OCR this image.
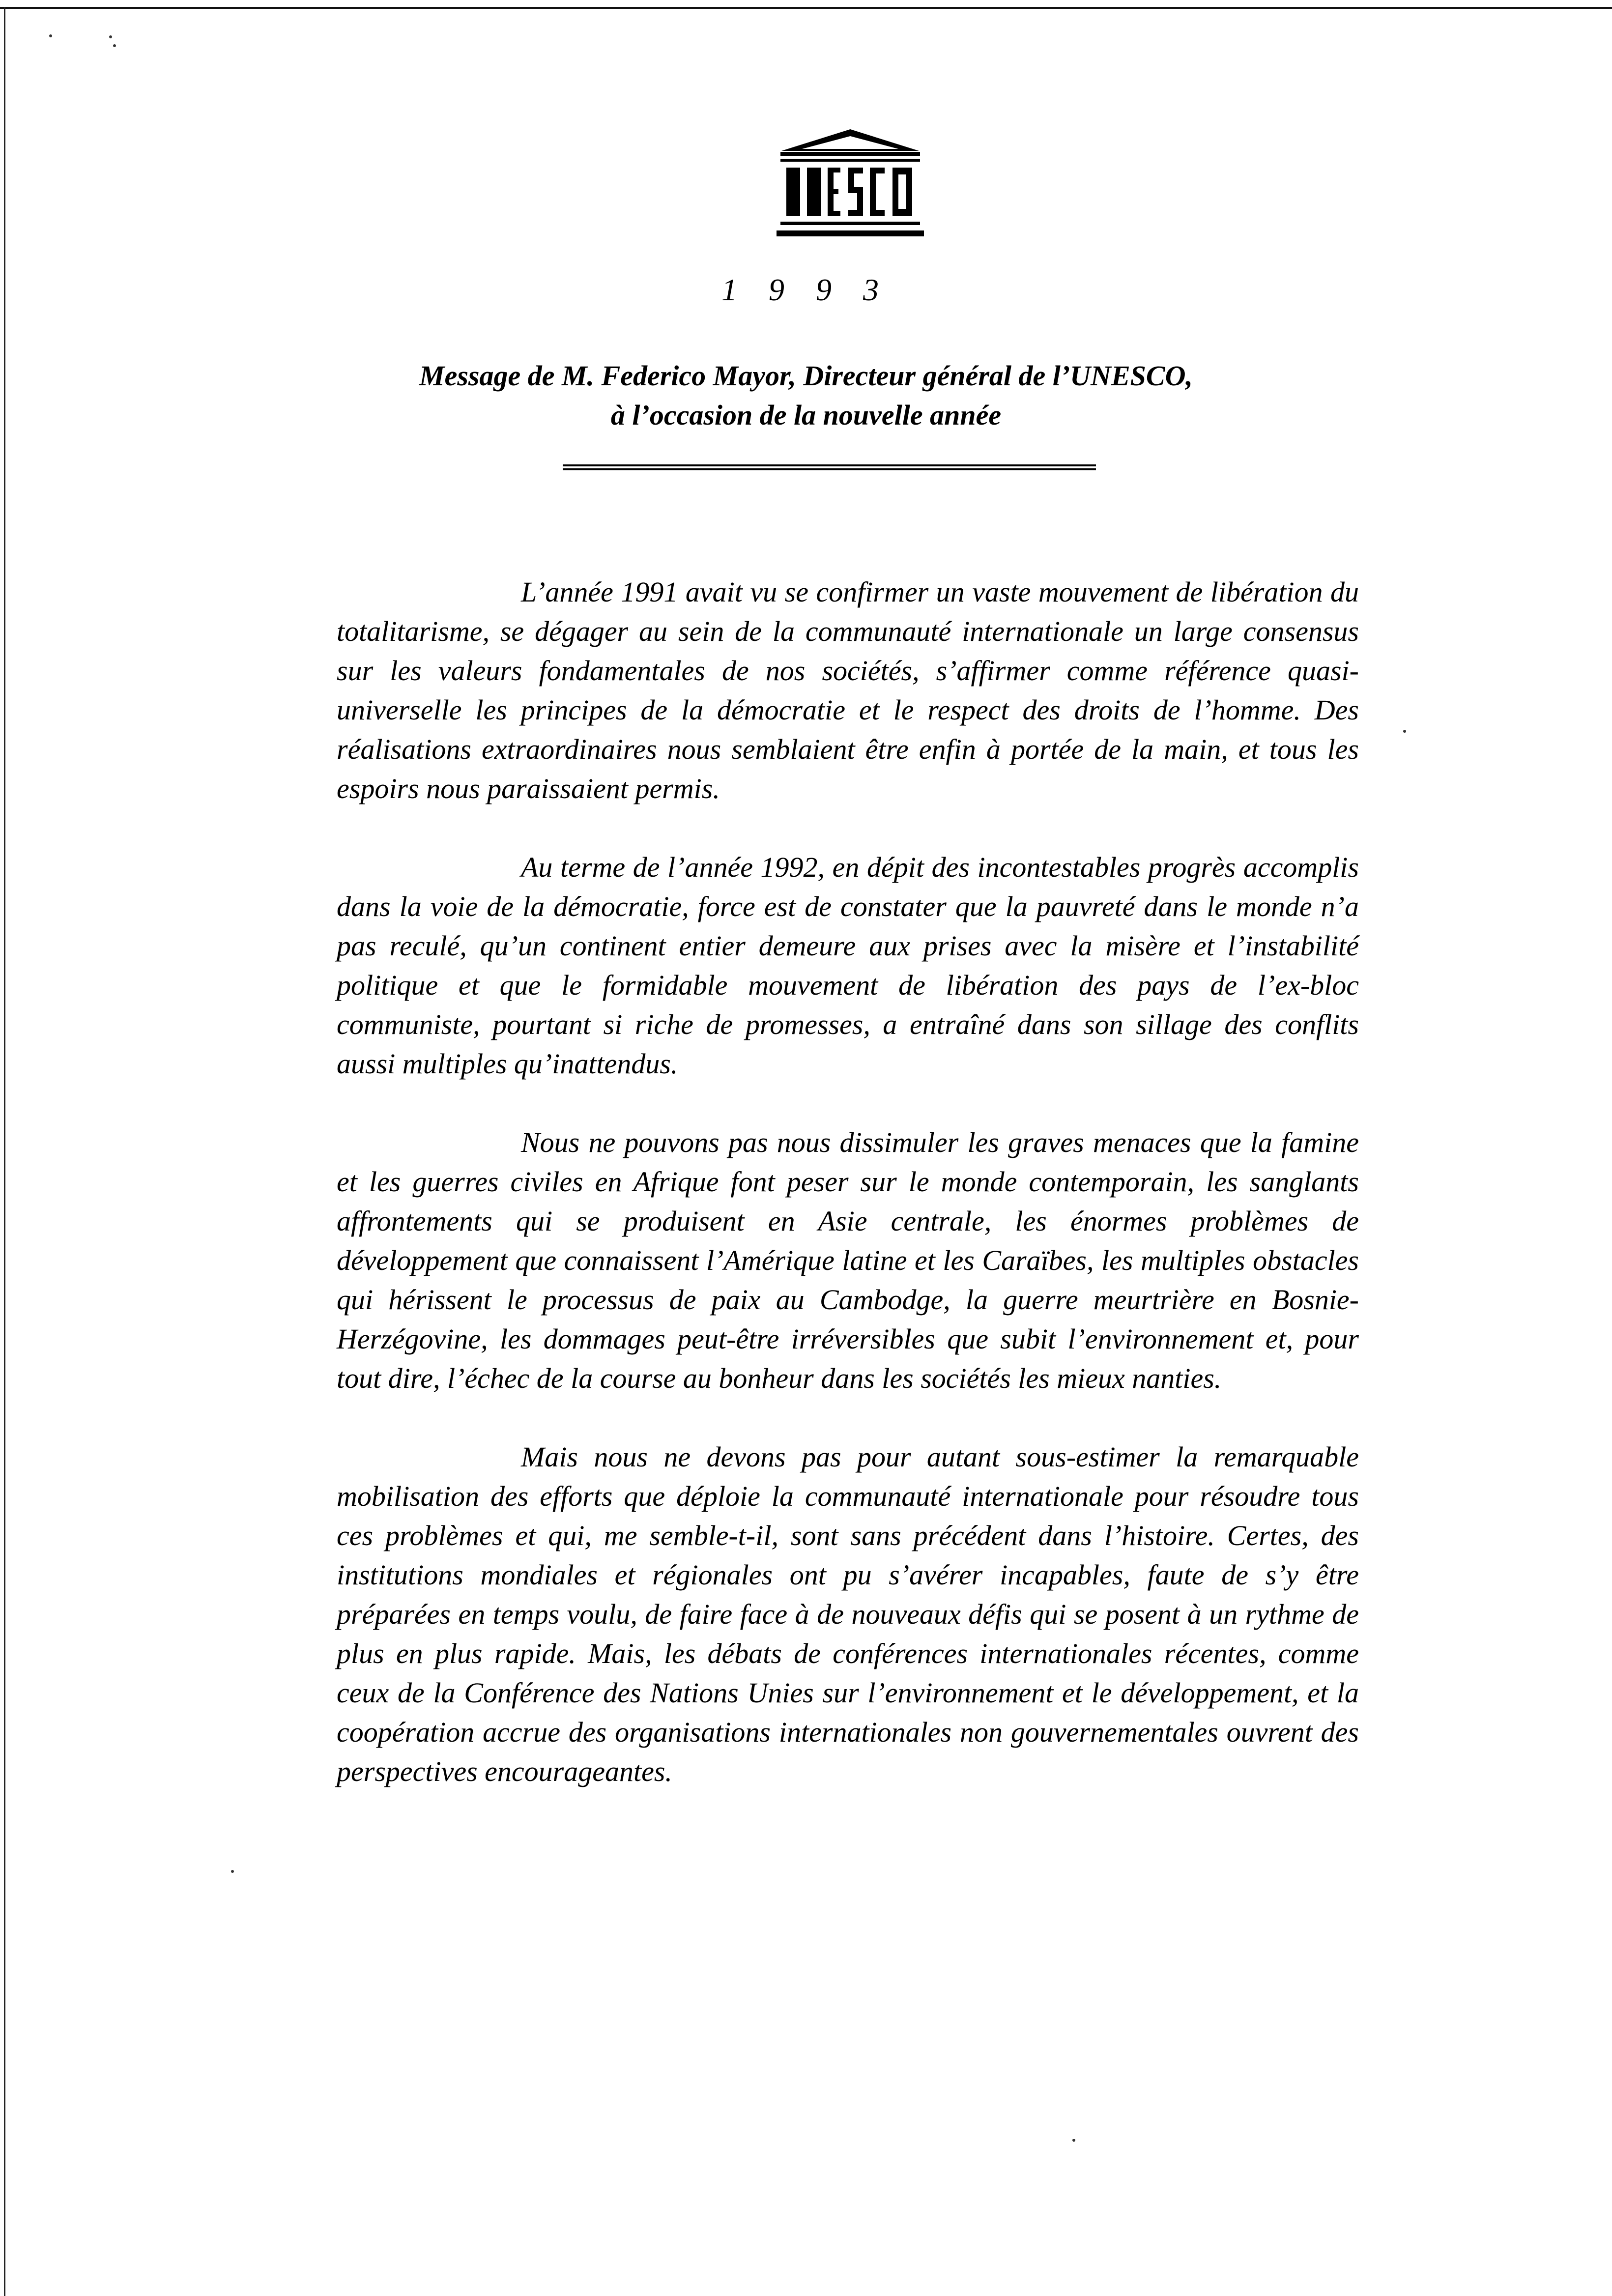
UNESCO
1 9 9 3
Message de M. Federico Mayor, Directeur général de l’UNESCO,
à l’occasion de la nouvelle année

L’année 1991 avait vu se confirmer un vaste mouvement de libération du totalitarisme, se dégager au sein de la communauté internationale un large consensus sur les valeurs fondamentales de nos sociétés, s’affirmer comme référence quasi-universelle les principes de la démocratie et le respect des droits de l’homme. Des réalisations extraordinaires nous semblaient être enfin à portée de la main, et tous les espoirs nous paraissaient permis.

Au terme de l’année 1992, en dépit des incontestables progrès accomplis dans la voie de la démocratie, force est de constater que la pauvreté dans le monde n’a pas reculé, qu’un continent entier demeure aux prises avec la misère et l’instabilité politique et que le formidable mouvement de libération des pays de l’ex-bloc communiste, pourtant si riche de promesses, a entraîné dans son sillage des conflits aussi multiples qu’inattendus.

Nous ne pouvons pas nous dissimuler les graves menaces que la famine et les guerres civiles en Afrique font peser sur le monde contemporain, les sanglants affrontements qui se produisent en Asie centrale, les énormes problèmes de développement que connaissent l’Amérique latine et les Caraïbes, les multiples obstacles qui hérissent le processus de paix au Cambodge, la guerre meurtrière en Bosnie-Herzégovine, les dommages peut-être irréversibles que subit l’environnement et, pour tout dire, l’échec de la course au bonheur dans les sociétés les mieux nanties.

Mais nous ne devons pas pour autant sous-estimer la remarquable mobilisation des efforts que déploie la communauté internationale pour résoudre tous ces problèmes et qui, me semble-t-il, sont sans précédent dans l’histoire. Certes, des institutions mondiales et régionales ont pu s’avérer incapables, faute de s’y être préparées en temps voulu, de faire face à de nouveaux défis qui se posent à un rythme de plus en plus rapide. Mais, les débats de conférences internationales récentes, comme ceux de la Conférence des Nations Unies sur l’environnement et le développement, et la coopération accrue des organisations internationales non gouvernementales ouvrent des perspectives encourageantes.
